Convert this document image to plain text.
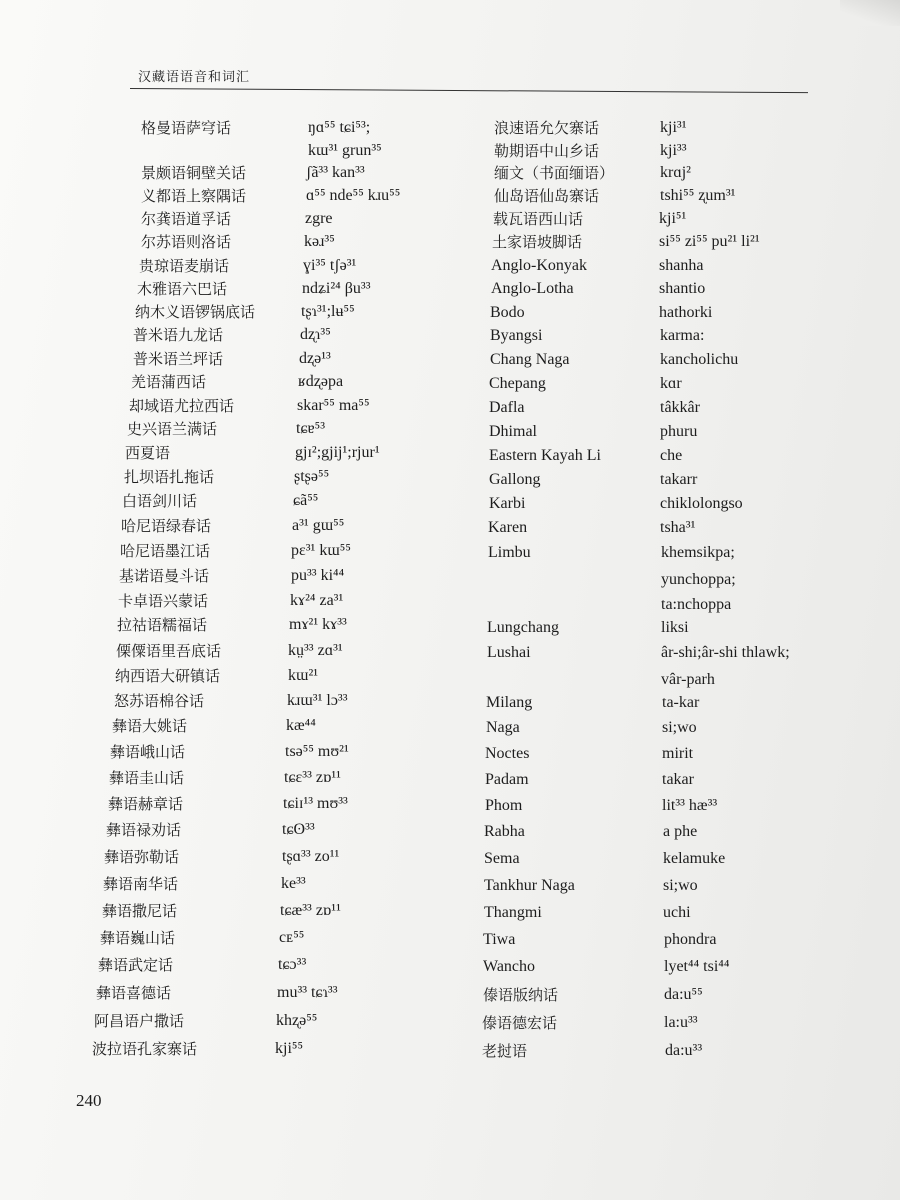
汉藏语语音和词汇
格曼语萨穹话	ŋɑ⁵⁵ tɕi⁵³;
kɯ³¹ grun³⁵
景颇语铜壁关话	ʃã³³ kan³³
义都语上察隅话	ɑ⁵⁵ nde⁵⁵ kɹu⁵⁵
尔龚语道孚话	zgre
尔苏语则洛话	kəɹ³⁵
贵琼语麦崩话	ɣi³⁵ tʃə³¹
木雅语六巴话	ndʑi²⁴ βu³³
纳木义语锣锅底话	tʂɿ³¹;lʉ⁵⁵
普米语九龙话	dʐɿ³⁵
普米语兰坪话	dʐə¹³
羌语蒲西话	ʁdʐəpa
却域语尤拉西话	skar⁵⁵ ma⁵⁵
史兴语兰满话	tɕɐ⁵³
西夏语	gjɪ²;gjij¹;rjur¹
扎坝语扎拖话	ʂtʂə⁵⁵
白语剑川话	ɕã⁵⁵
哈尼语绿春话	a³¹ gɯ⁵⁵
哈尼语墨江话	pɛ³¹ kɯ⁵⁵
基诺语曼斗话	pu³³ ki⁴⁴
卡卓语兴蒙话	kɤ²⁴ za³¹
拉祜语糯福话	mɤ²¹ kɤ³³
傈僳语里吾底话	kṳ³³ zɑ³¹
纳西语大研镇话	kɯ²¹
怒苏语棉谷话	kɹɯ³¹ lɔ³³
彝语大姚话	kæ⁴⁴
彝语峨山话	tsə⁵⁵ mʊ²¹
彝语圭山话	tɕɛ³³ zɒ¹¹
彝语赫章话	tɕiɪ¹³ mʊ³³
彝语禄劝话	tɕʘ³³
彝语弥勒话	tʂɑ³³ zo¹¹
彝语南华话	ke³³
彝语撒尼话	tɕæ³³ zɒ¹¹
彝语巍山话	cᴇ⁵⁵
彝语武定话	tɕɔ³³
彝语喜德话	mu³³ tɕɿ³³
阿昌语户撒话	khʐə⁵⁵
波拉语孔家寨话	kji⁵⁵
浪速语允欠寨话	kji³¹
勒期语中山乡话	kji³³
缅文（书面缅语）	krɑj²
仙岛语仙岛寨话	tshi⁵⁵ ʐum³¹
载瓦语西山话	kji⁵¹
土家语坡脚话	si⁵⁵ zi⁵⁵ pu²¹ li²¹
Anglo-Konyak	shanha
Anglo-Lotha	shantio
Bodo	hathorki
Byangsi	karma:
Chang Naga	kancholichu
Chepang	kɑr
Dafla	tâkkâr
Dhimal	phuru
Eastern Kayah Li	che
Gallong	takarr
Karbi	chiklolongso
Karen	tsha³¹
Limbu	khemsikpa;
yunchoppa;
ta:nchoppa
Lungchang	liksi
Lushai	âr-shi;âr-shi thlawk;
vâr-parh
Milang	ta-kar
Naga	si;wo
Noctes	mirit
Padam	takar
Phom	lit³³ hæ³³
Rabha	a phe
Sema	kelamuke
Tankhur Naga	si;wo
Thangmi	uchi
Tiwa	phondra
Wancho	lyet⁴⁴ tsi⁴⁴
傣语版纳话	da:u⁵⁵
傣语德宏话	la:u³³
老挝语	da:u³³
240
